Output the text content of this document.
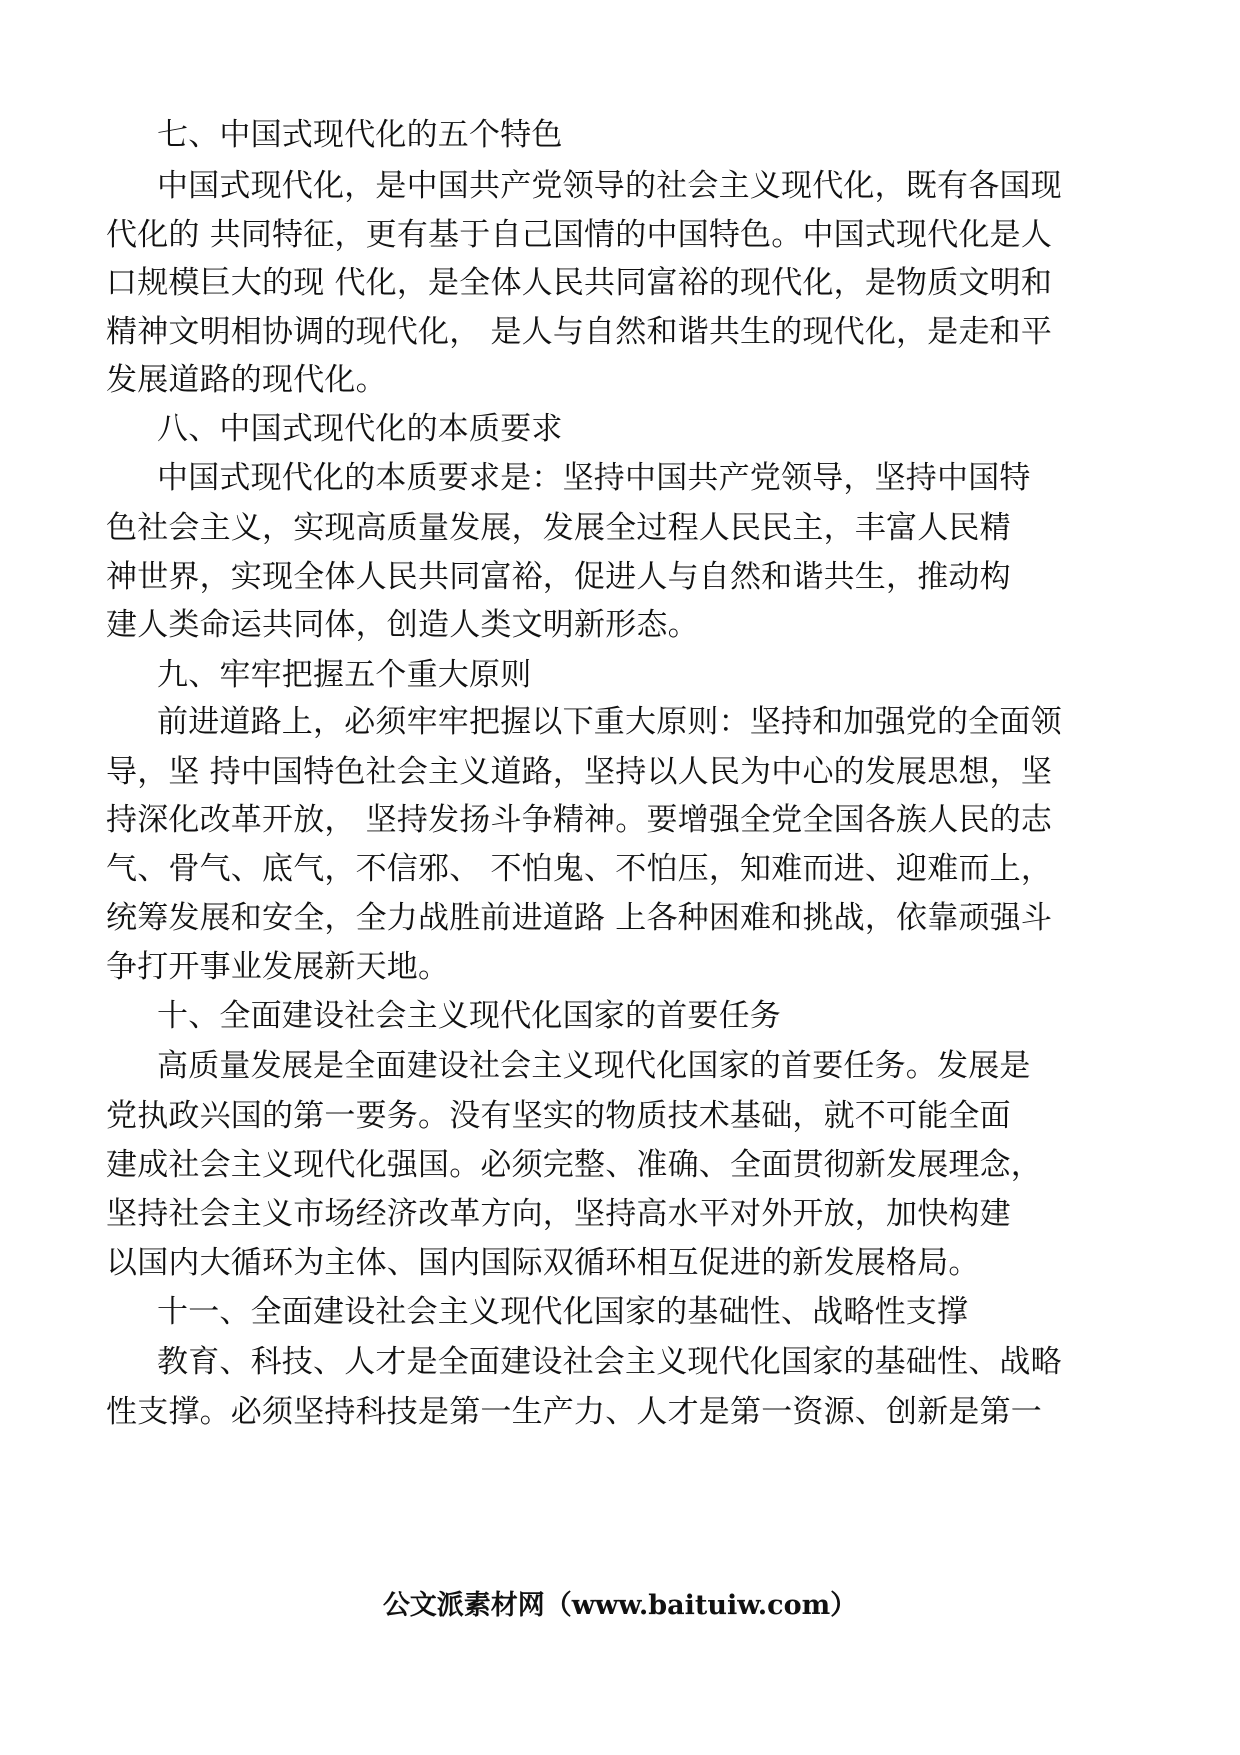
七、中国式现代化的五个特色
中国式现代化，是中国共产党领导的社会主义现代化，既有各国现
代化的 共同特征，更有基于自己国情的中国特色。中国式现代化是人
口规模巨大的现 代化，是全体人民共同富裕的现代化，是物质文明和
精神文明相协调的现代化， 是人与自然和谐共生的现代化，是走和平
发展道路的现代化。
八、中国式现代化的本质要求
中国式现代化的本质要求是：坚持中国共产党领导，坚持中国特
色社会主义，实现高质量发展，发展全过程人民民主，丰富人民精
神世界，实现全体人民共同富裕，促进人与自然和谐共生，推动构
建人类命运共同体，创造人类文明新形态。
九、牢牢把握五个重大原则
前进道路上，必须牢牢把握以下重大原则：坚持和加强党的全面领
导，坚 持中国特色社会主义道路，坚持以人民为中心的发展思想，坚
持深化改革开放， 坚持发扬斗争精神。要增强全党全国各族人民的志
气、骨气、底气，不信邪、 不怕鬼、不怕压，知难而进、迎难而上，
统筹发展和安全，全力战胜前进道路 上各种困难和挑战，依靠顽强斗
争打开事业发展新天地。
十、全面建设社会主义现代化国家的首要任务
高质量发展是全面建设社会主义现代化国家的首要任务。发展是
党执政兴国的第一要务。没有坚实的物质技术基础，就不可能全面
建成社会主义现代化强国。必须完整、准确、全面贯彻新发展理念，
坚持社会主义市场经济改革方向，坚持高水平对外开放，加快构建
以国内大循环为主体、国内国际双循环相互促进的新发展格局。
十一、全面建设社会主义现代化国家的基础性、战略性支撑
教育、科技、人才是全面建设社会主义现代化国家的基础性、战略
性支撑。必须坚持科技是第一生产力、人才是第一资源、创新是第一
公文派素材网（www.baituiw.com）
